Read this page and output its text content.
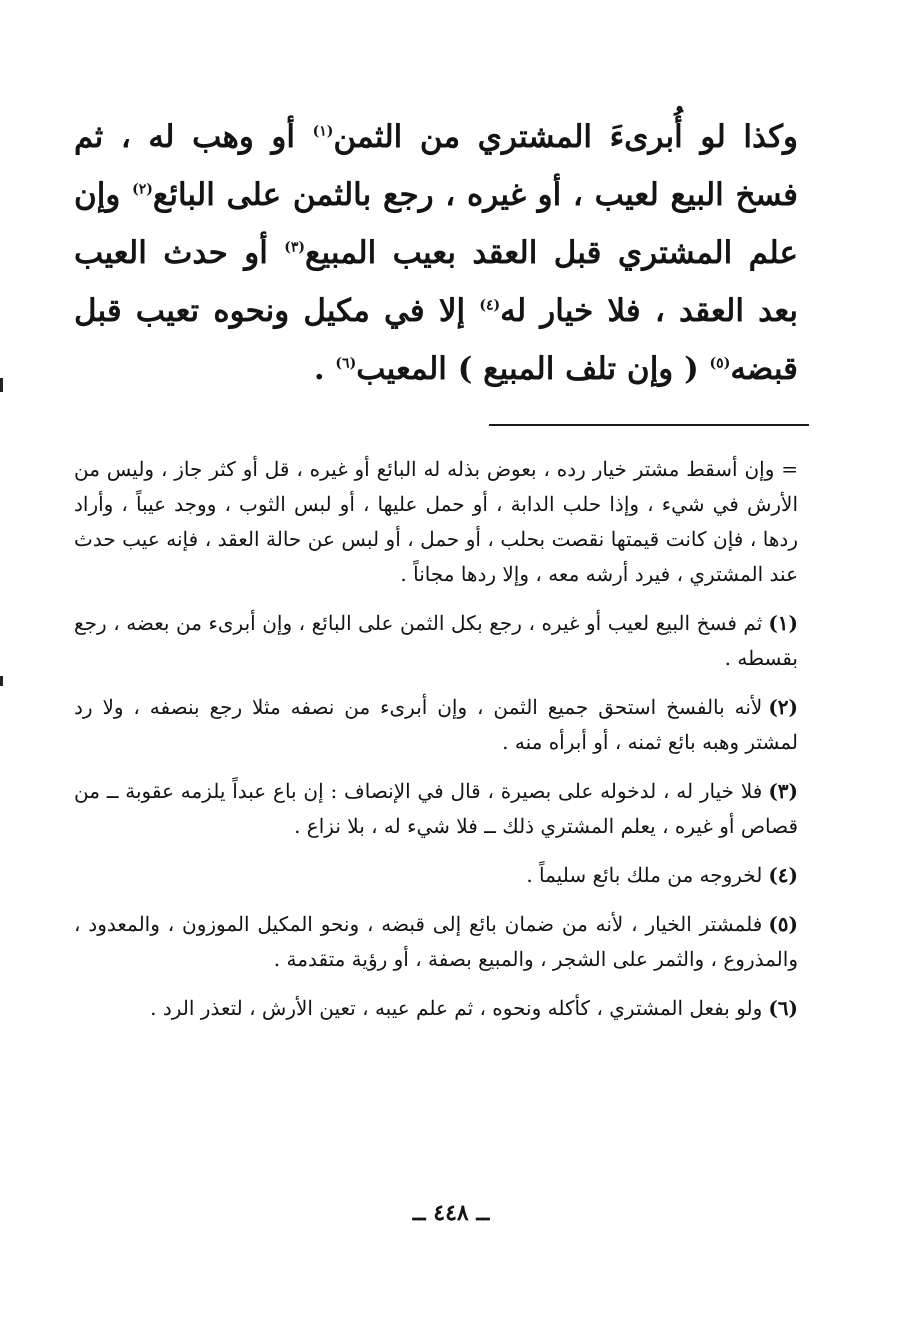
وكذا لو أُبرىءَ المشتري من الثمن$^{(١)}$ أو وهب له ، ثم فسخ البيع لعيب ، أو غيره ، رجع بالثمن على البائع$^{(٢)}$ وإن علم المشتري قبل العقد بعيب المبيع$^{(٣)}$ أو حدث العيب بعد العقد ، فلا خيار له$^{(٤)}$ إلا في مكيل ونحوه تعيب قبل قبضه$^{(٥)}$ ( وإن تلف المبيع ) المعيب$^{(٦)}$ .

= وإن أسقط مشتر خيار رده ، بعوض بذله له البائع أو غيره ، قل أو كثر جاز ، وليس من الأرش في شيء ، وإذا حلب الدابة ، أو حمل عليها ، أو لبس الثوب ، ووجد عيباً ، وأراد ردها ، فإن كانت قيمتها نقصت بحلب ، أو حمل ، أو لبس عن حالة العقد ، فإنه عيب حدث عند المشتري ، فيرد أرشه معه ، وإلا ردها مجاناً .

(١)ثم فسخ البيع لعيب أو غيره ، رجع بكل الثمن على البائع ، وإن أبرىء من بعضه ، رجع بقسطه .

(٢)لأنه بالفسخ استحق جميع الثمن ، وإن أبرىء من نصفه مثلا رجع بنصفه ، ولا رد لمشتر وهبه بائع ثمنه ، أو أبرأه منه .

(٣)فلا خيار له ، لدخوله على بصيرة ، قال في الإنصاف : إن باع عبداً يلزمه عقوبة ــ من قصاص أو غيره ، يعلم المشتري ذلك ــ فلا شيء له ، بلا نزاع .

(٤)لخروجه من ملك بائع سليماً .

(٥)فلمشتر الخيار ، لأنه من ضمان بائع إلى قبضه ، ونحو المكيل الموزون ، والمعدود ، والمذروع ، والثمر على الشجر ، والمبيع بصفة ، أو رؤية متقدمة .

(٦)ولو بفعل المشتري ، كأكله ونحوه ، ثم علم عيبه ، تعين الأرش ، لتعذر الرد .

ــ ٤٤٨ ــ
